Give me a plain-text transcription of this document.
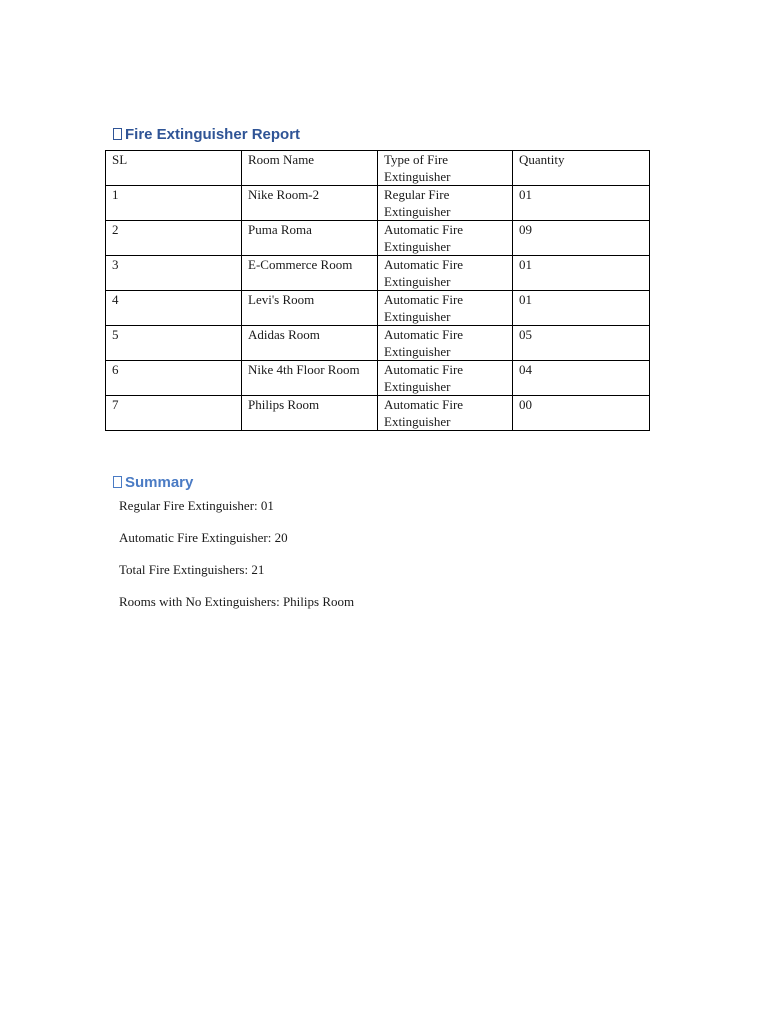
Fire Extinguisher Report
SL	Room Name	Type of Fire Extinguisher	Quantity
1	Nike Room-2	Regular Fire Extinguisher	01
2	Puma Roma	Automatic Fire Extinguisher	09
3	E-Commerce Room	Automatic Fire Extinguisher	01
4	Levi's Room	Automatic Fire Extinguisher	01
5	Adidas Room	Automatic Fire Extinguisher	05
6	Nike 4th Floor Room	Automatic Fire Extinguisher	04
7	Philips Room	Automatic Fire Extinguisher	00
Summary

Regular Fire Extinguisher: 01

Automatic Fire Extinguisher: 20

Total Fire Extinguishers: 21

Rooms with No Extinguishers: Philips Room
